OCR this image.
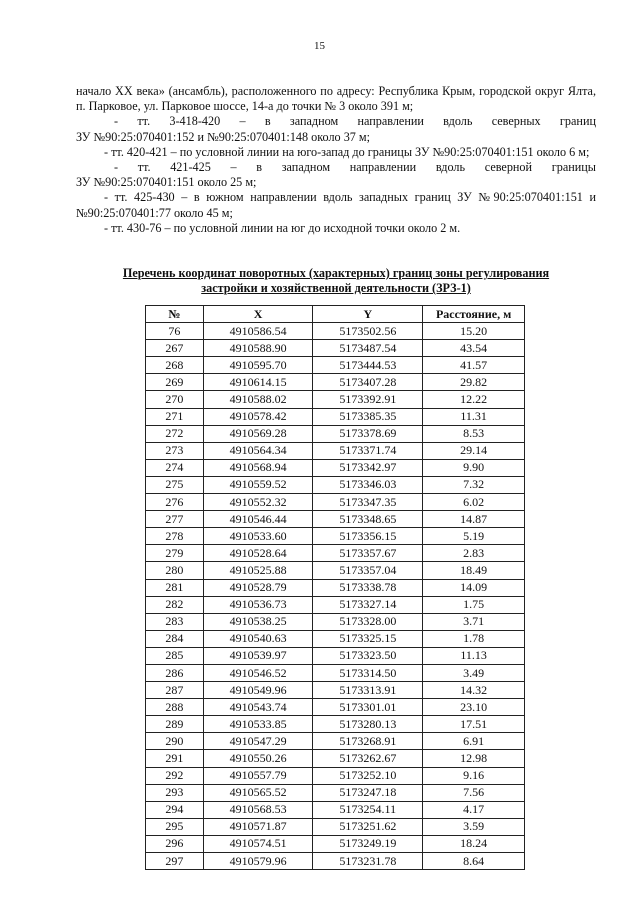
15

начало XX века» (ансамбль), расположенного по адресу: Республика Крым, городской округ Ялта, п. Парковое, ул. Парковое шоссе, 14-а до точки № 3 около 391 м;

-     тт.     3-418-420     –     в     западном     направлении     вдоль     северных     границ

ЗУ №90:25:070401:152 и №90:25:070401:148 около 37 м;

- тт. 420-421 – по условной линии на юго-запад до границы ЗУ №90:25:070401:151 около 6 м;

-     тт.     421-425     –     в     западном     направлении     вдоль     северной     границы

ЗУ №90:25:070401:151 около 25 м;

- тт. 425-430 – в южном направлении вдоль западных границ ЗУ №90:25:070401:151 и №90:25:070401:77 около 45 м;

- тт. 430-76 – по условной линии на юг до исходной точки около 2 м.

Перечень координат поворотных (характерных) границ зоны регулирования
застройки и хозяйственной деятельности (ЗРЗ-1)
№	X	Y	Расстояние, м
76	4910586.54	5173502.56	15.20
267	4910588.90	5173487.54	43.54
268	4910595.70	5173444.53	41.57
269	4910614.15	5173407.28	29.82
270	4910588.02	5173392.91	12.22
271	4910578.42	5173385.35	11.31
272	4910569.28	5173378.69	8.53
273	4910564.34	5173371.74	29.14
274	4910568.94	5173342.97	9.90
275	4910559.52	5173346.03	7.32
276	4910552.32	5173347.35	6.02
277	4910546.44	5173348.65	14.87
278	4910533.60	5173356.15	5.19
279	4910528.64	5173357.67	2.83
280	4910525.88	5173357.04	18.49
281	4910528.79	5173338.78	14.09
282	4910536.73	5173327.14	1.75
283	4910538.25	5173328.00	3.71
284	4910540.63	5173325.15	1.78
285	4910539.97	5173323.50	11.13
286	4910546.52	5173314.50	3.49
287	4910549.96	5173313.91	14.32
288	4910543.74	5173301.01	23.10
289	4910533.85	5173280.13	17.51
290	4910547.29	5173268.91	6.91
291	4910550.26	5173262.67	12.98
292	4910557.79	5173252.10	9.16
293	4910565.52	5173247.18	7.56
294	4910568.53	5173254.11	4.17
295	4910571.87	5173251.62	3.59
296	4910574.51	5173249.19	18.24
297	4910579.96	5173231.78	8.64
